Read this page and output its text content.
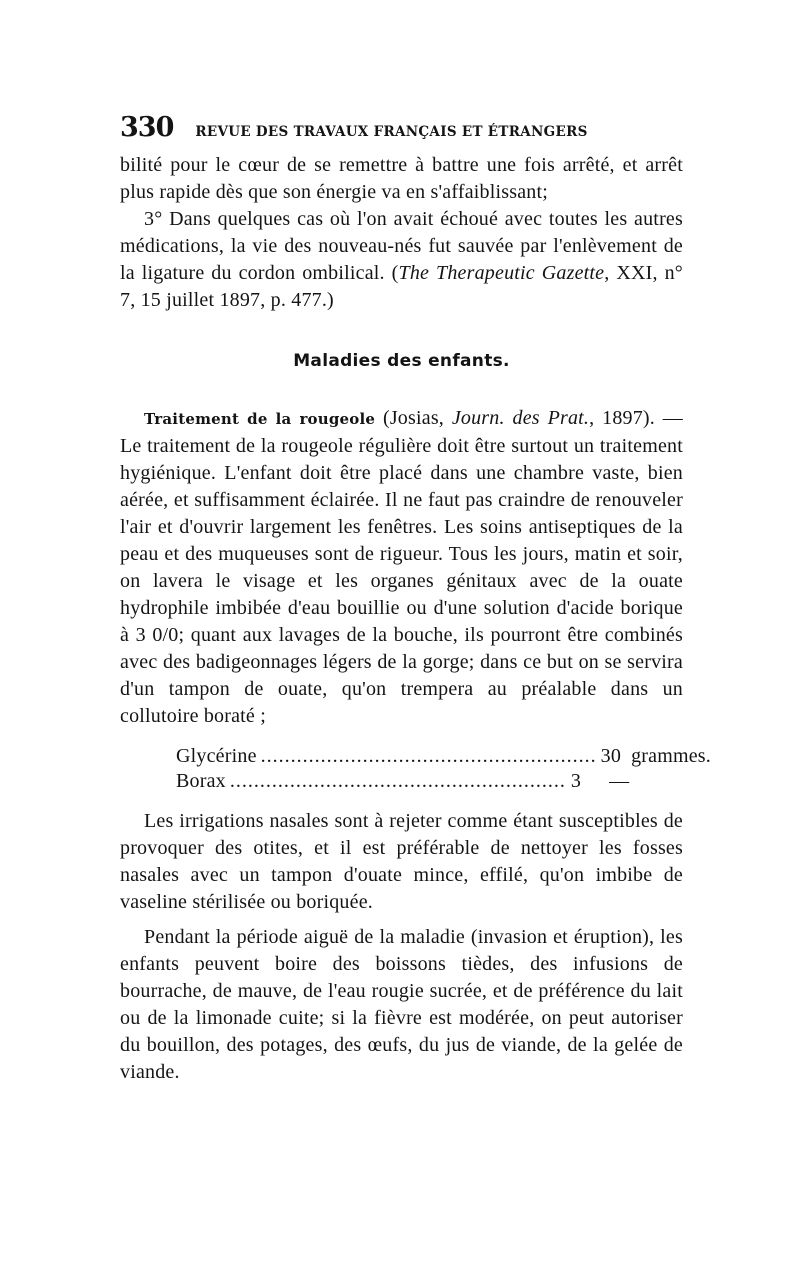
330 REVUE DES TRAVAUX FRANÇAIS ET ÉTRANGERS

bilité pour le cœur de se remettre à battre une fois arrêté, et arrêt plus rapide dès que son énergie va en s'affaiblissant;

3° Dans quelques cas où l'on avait échoué avec toutes les autres médications, la vie des nouveau-nés fut sauvée par l'enlèvement de la ligature du cordon ombilical. (The Therapeutic Gazette, XXI, n° 7, 15 juillet 1897, p. 477.)

Maladies des enfants.

Traitement de la rougeole (Josias, Journ. des Prat., 1897). — Le traitement de la rougeole régulière doit être surtout un traitement hygiénique. L'enfant doit être placé dans une chambre vaste, bien aérée, et suffisamment éclairée. Il ne faut pas craindre de renouveler l'air et d'ouvrir largement les fenêtres. Les soins antiseptiques de la peau et des muqueuses sont de rigueur. Tous les jours, matin et soir, on lavera le visage et les organes génitaux avec de la ouate hydrophile imbibée d'eau bouillie ou d'une solution d'acide borique à 3 0/0; quant aux lavages de la bouche, ils pourront être combinés avec des badigeonnages légers de la gorge; dans ce but on se servira d'un tampon de ouate, qu'on trempera au préalable dans un collutoire boraté ;

Glycérine ........................................................ 30 grammes.
Borax ........................................................ 3	—

Les irrigations nasales sont à rejeter comme étant susceptibles de provoquer des otites, et il est préférable de nettoyer les fosses nasales avec un tampon d'ouate mince, effilé, qu'on imbibe de vaseline stérilisée ou boriquée.

Pendant la période aiguë de la maladie (invasion et éruption), les enfants peuvent boire des boissons tièdes, des infusions de bourrache, de mauve, de l'eau rougie sucrée, et de préférence du lait ou de la limonade cuite; si la fièvre est modérée, on peut autoriser du bouillon, des potages, des œufs, du jus de viande, de la gelée de viande.
